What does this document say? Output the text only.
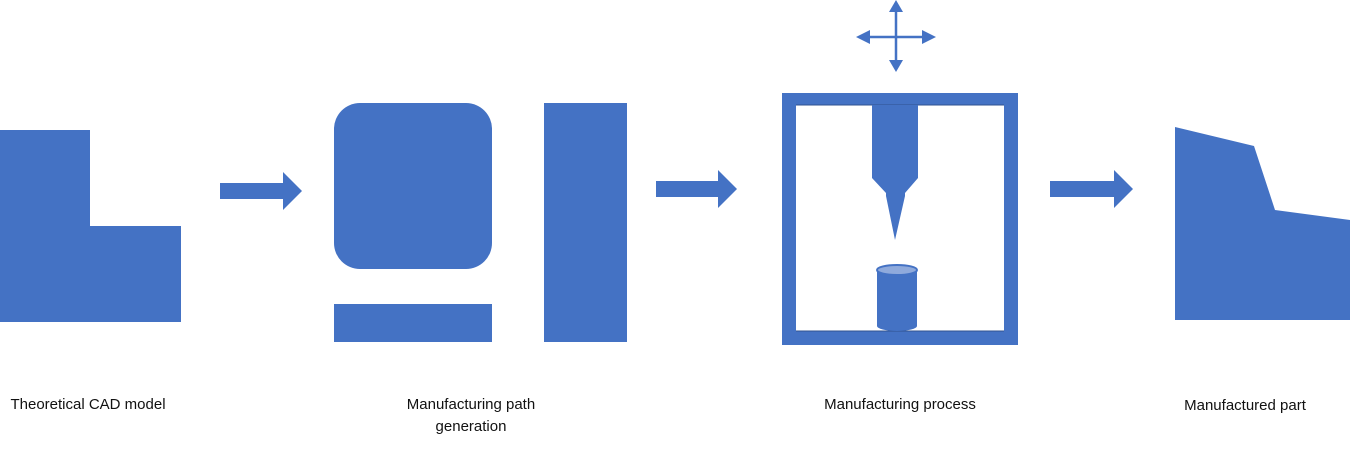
Theoretical CAD model	Manufacturing path generation
Manufacturing process	Manufactured part
